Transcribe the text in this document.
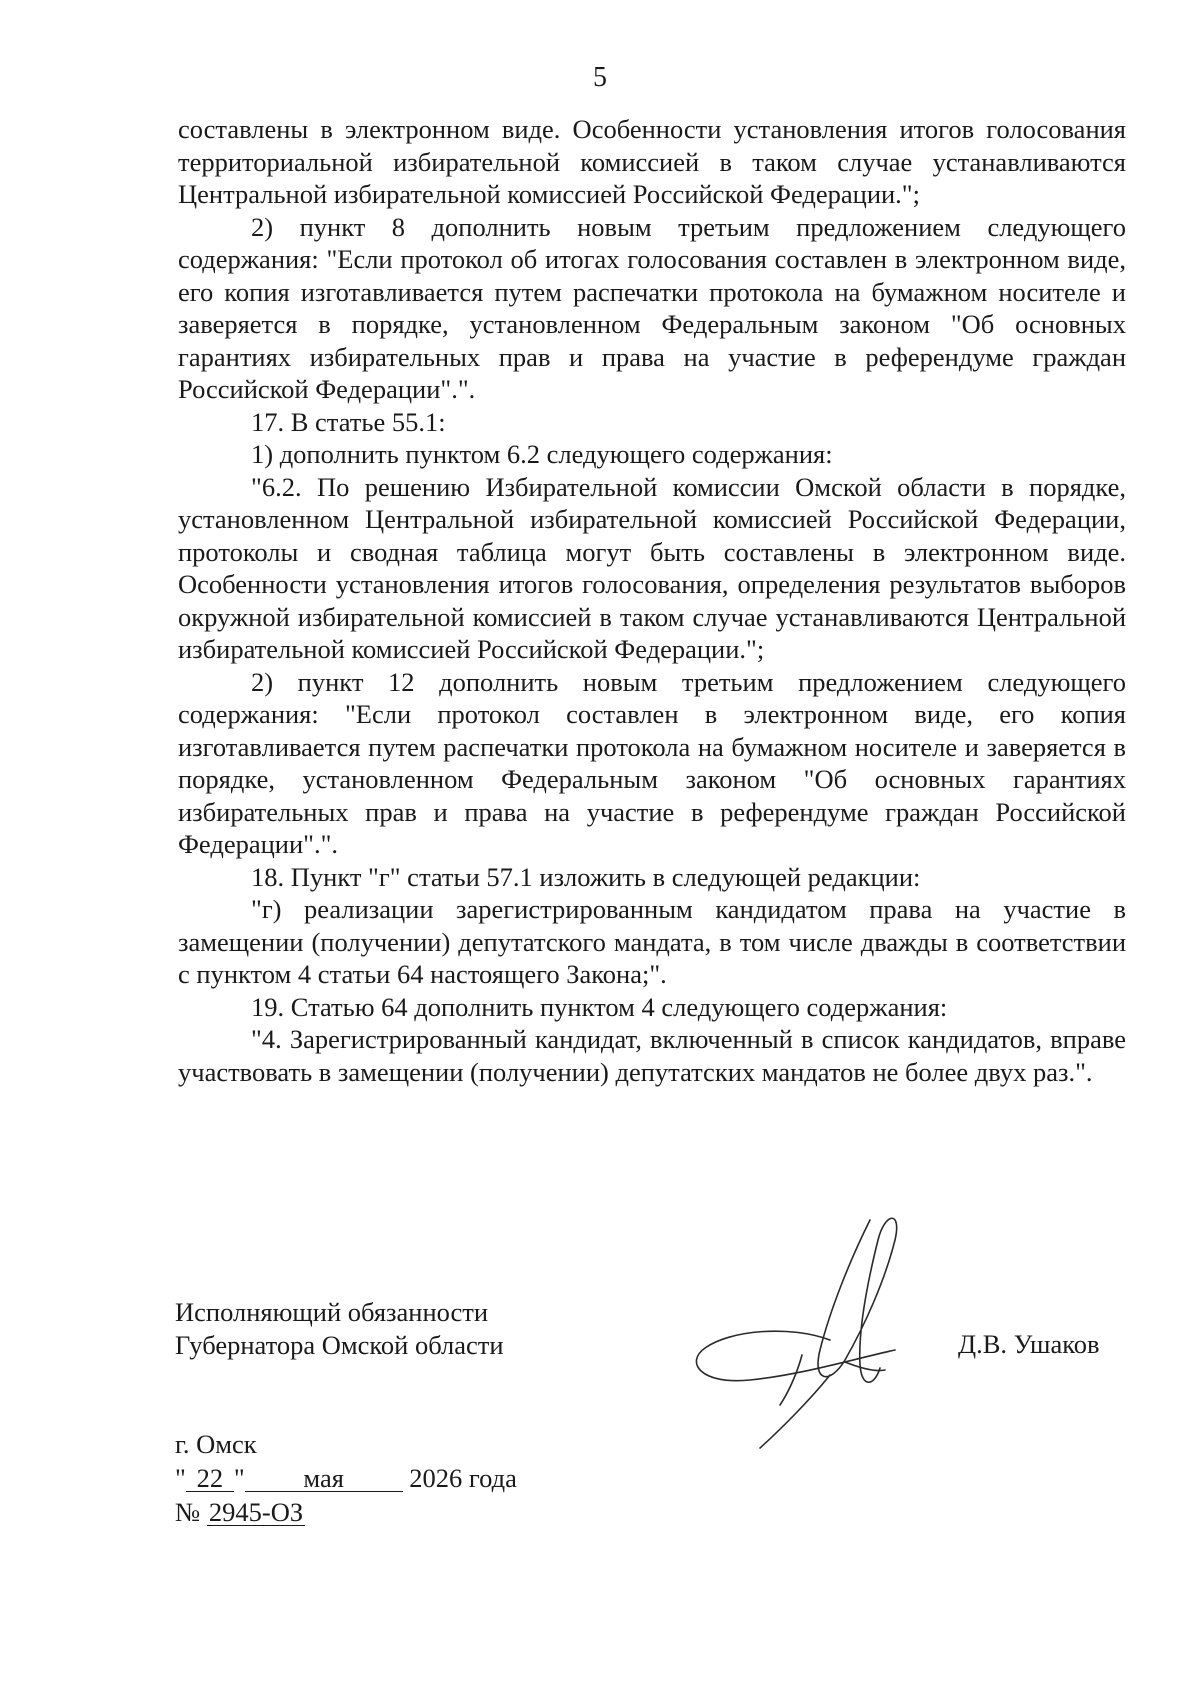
5

составлены в электронном виде. Особенности установления итогов голосования территориальной избирательной комиссией в таком случае устанавливаются Центральной избирательной комиссией Российской Федерации.";

2) пункт 8 дополнить новым третьим предложением следующего содержания: "Если протокол об итогах голосования составлен в электронном виде, его копия изготавливается путем распечатки протокола на бумажном носителе и заверяется в порядке, установленном Федеральным законом "Об основных гарантиях избирательных прав и права на участие в референдуме граждан Российской Федерации".".

17. В статье 55.1:

1) дополнить пунктом 6.2 следующего содержания:

"6.2. По решению Избирательной комиссии Омской области в порядке, установленном Центральной избирательной комиссией Российской Федерации, протоколы и сводная таблица могут быть составлены в электронном виде. Особенности установления итогов голосования, определения результатов выборов окружной избирательной комиссией в таком случае устанавливаются Центральной избирательной комиссией Российской Федерации.";

2) пункт 12 дополнить новым третьим предложением следующего содержания: "Если протокол составлен в электронном виде, его копия изготавливается путем распечатки протокола на бумажном носителе и заверяется в порядке, установленном Федеральным законом "Об основных гарантиях избирательных прав и права на участие в референдуме граждан Российской Федерации".".

18. Пункт "г" статьи 57.1 изложить в следующей редакции:

"г) реализации зарегистрированным кандидатом права на участие в замещении (получении) депутатского мандата, в том числе дважды в соответствии с пунктом 4 статьи 64 настоящего Закона;".

19. Статью 64 дополнить пунктом 4 следующего содержания:

"4. Зарегистрированный кандидат, включенный в список кандидатов, вправе участвовать в замещении (получении) депутатских мандатов не более двух раз.".

Исполняющий обязанности
Губернатора Омской области	Д.В. Ушаков
г. Омск
" 22 " мая 2026 года
№ 2945-ОЗ
